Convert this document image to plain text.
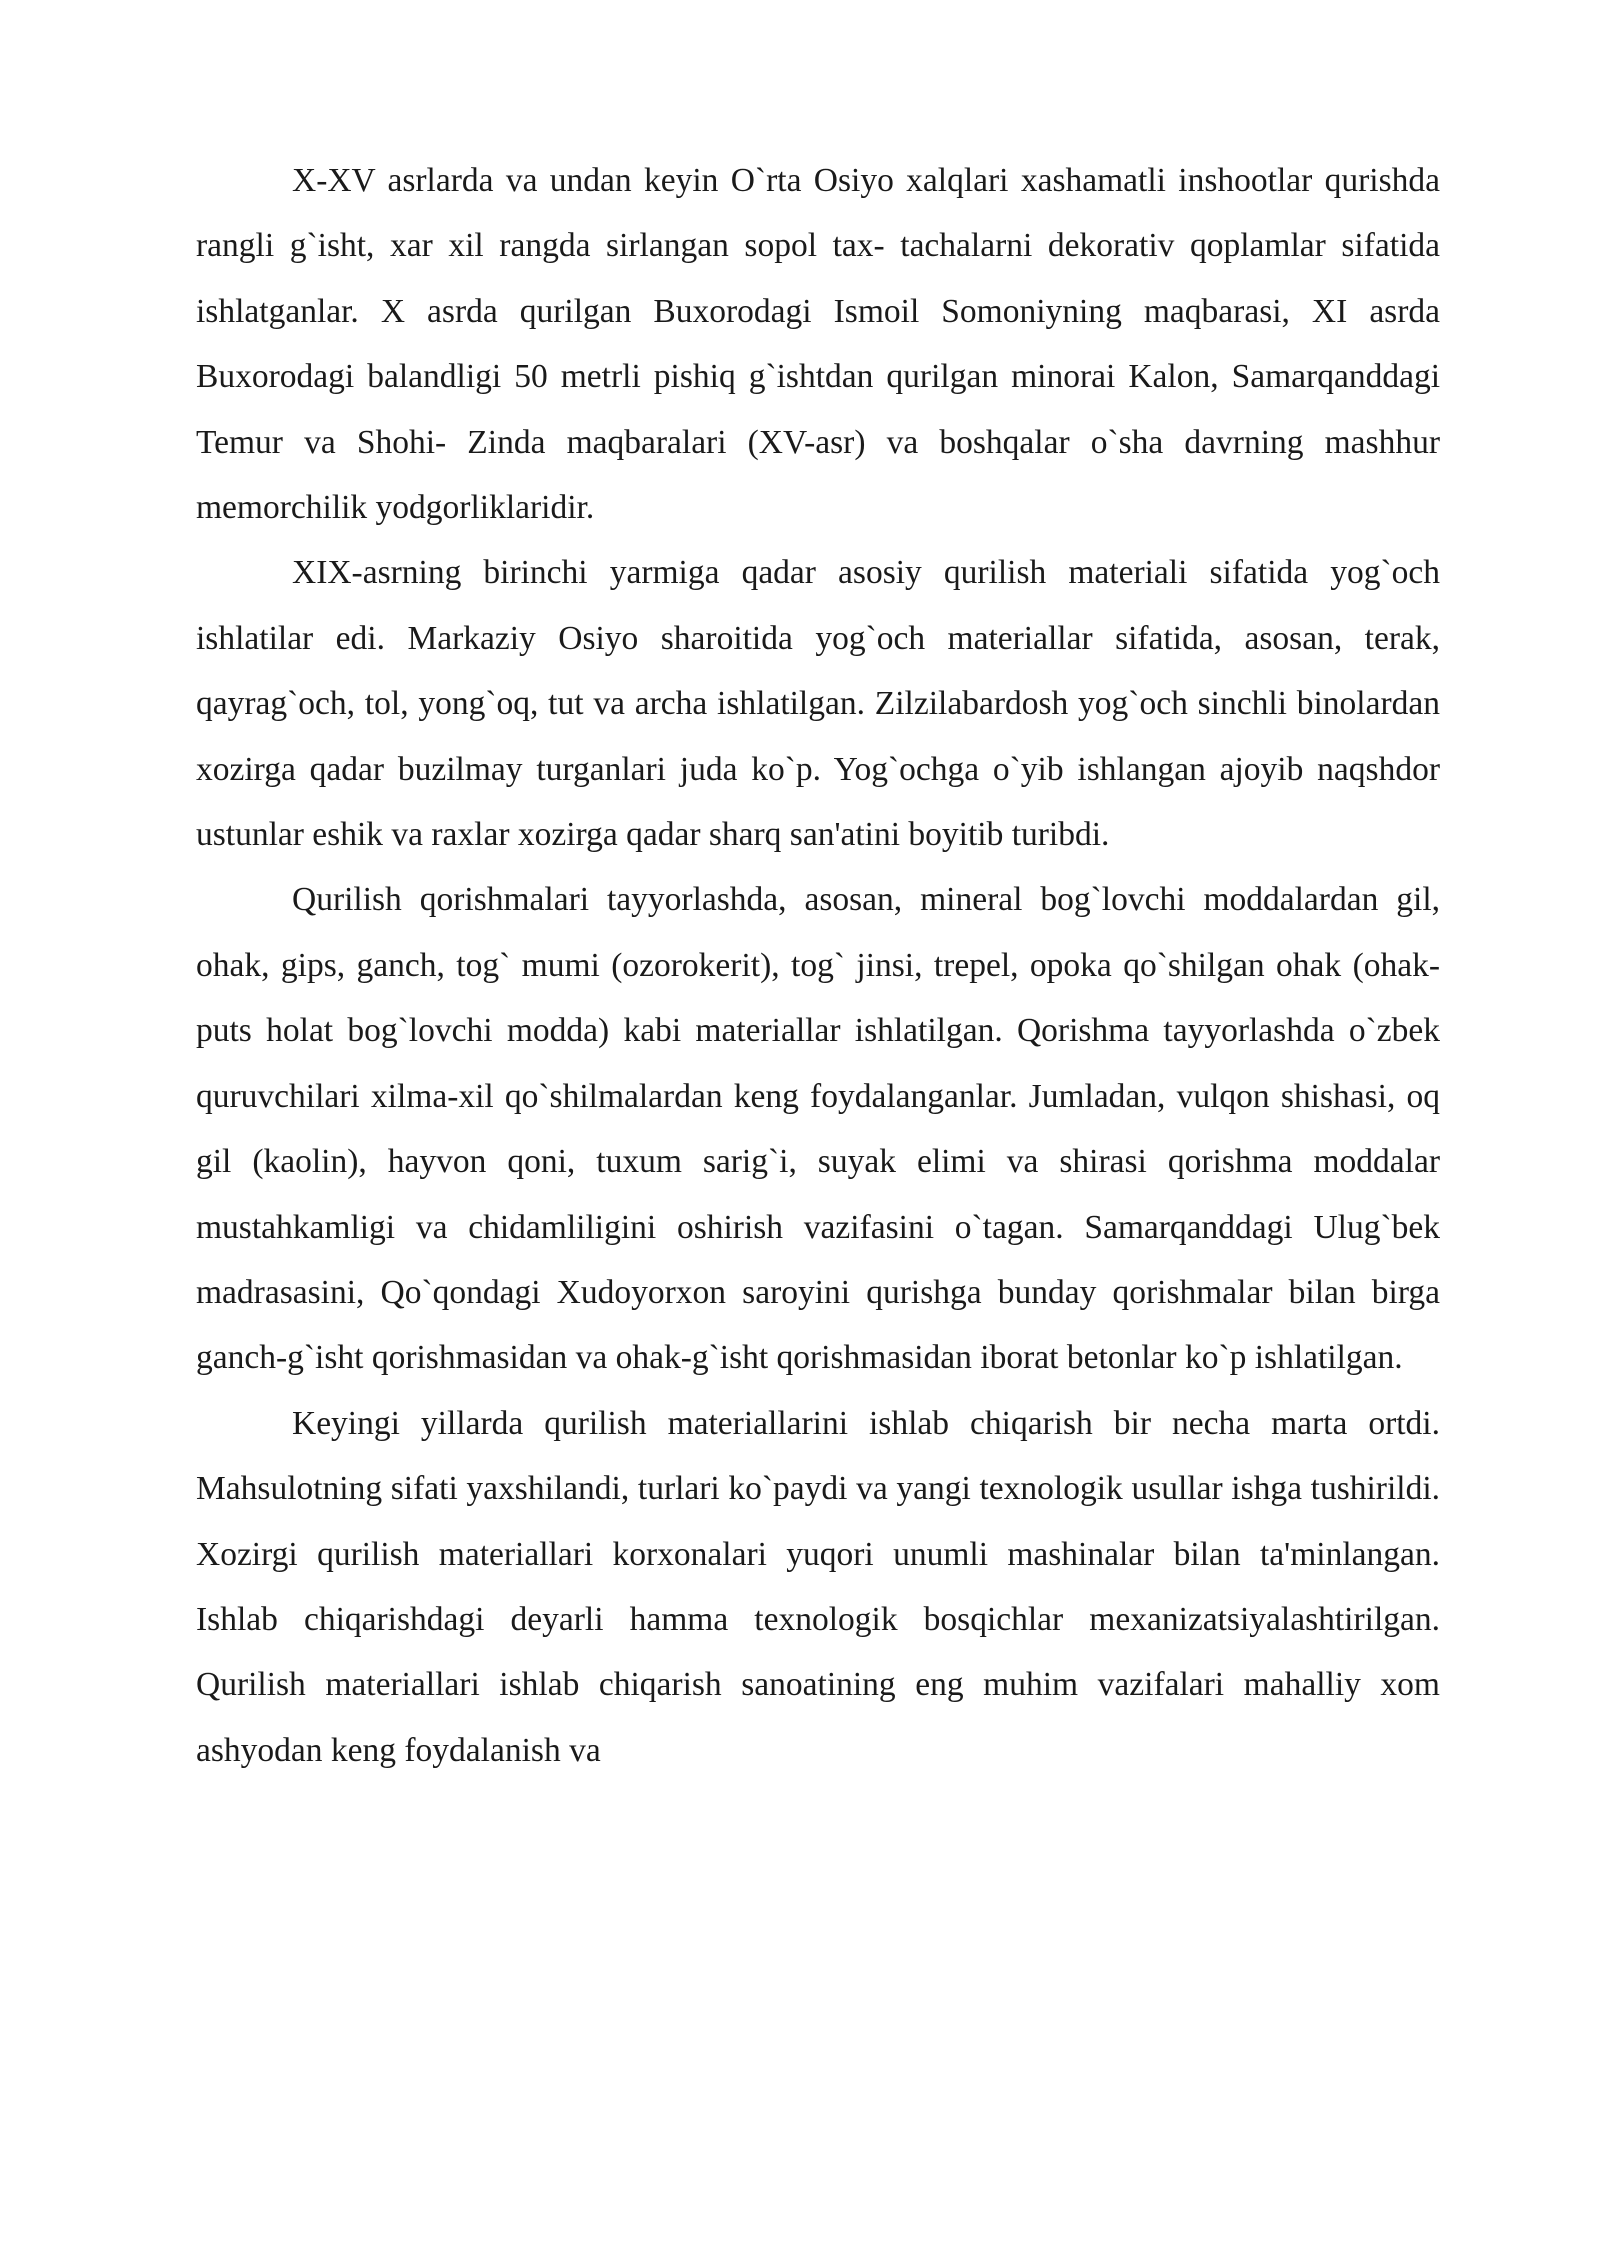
X-XV asrlarda va undan keyin O`rta Osiyo xalqlari xashamatli inshootlar qurishda rangli g`isht, xar xil rangda sirlangan sopol tax- tachalarni dekorativ qoplamlar sifatida ishlatganlar. X asrda qurilgan Buxorodagi Ismoil Somoniyning maqbarasi, XI asrda Buxorodagi balandligi 50 metrli pishiq g`ishtdan qurilgan minorai Kalon, Samarqanddagi Temur va Shohi- Zinda maqbaralari (XV-asr) va boshqalar o`sha davrning mashhur memorchilik yodgorliklaridir.

XIX-asrning birinchi yarmiga qadar asosiy qurilish materiali sifatida yog`och ishlatilar edi. Markaziy Osiyo sharoitida yog`och materiallar sifatida, asosan, terak, qayrag`och, tol, yong`oq, tut va archa ishlatilgan. Zilzilabardosh yog`och sinchli binolardan xozirga qadar buzilmay turganlari juda ko`p. Yog`ochga o`yib ishlangan ajoyib naqshdor ustunlar eshik va raxlar xozirga qadar sharq san'atini boyitib turibdi.

Qurilish qorishmalari tayyorlashda, asosan, mineral bog`lovchi moddalardan gil, ohak, gips, ganch, tog` mumi (ozorokerit), tog` jinsi, trepel, opoka qo`shilgan ohak (ohak-puts holat bog`lovchi modda) kabi materiallar ishlatilgan. Qorishma tayyorlashda o`zbek quruvchilari xilma-xil qo`shilmalardan keng foydalanganlar. Jumladan, vulqon shishasi, oq gil (kaolin), hayvon qoni, tuxum sarig`i, suyak elimi va shirasi qorishma moddalar mustahkamligi va chidamliligini oshirish vazifasini o`tagan. Samarqanddagi Ulug`bek madrasasini, Qo`qondagi Xudoyorxon saroyini qurishga bunday qorishmalar bilan birga ganch-g`isht qorishmasidan va ohak-g`isht qorishmasidan iborat betonlar ko`p ishlatilgan.

Keyingi yillarda qurilish materiallarini ishlab chiqarish bir necha marta ortdi. Mahsulotning sifati yaxshilandi, turlari ko`paydi va yangi texnologik usullar ishga tushirildi. Xozirgi qurilish materiallari korxonalari yuqori unumli mashinalar bilan ta'minlangan. Ishlab chiqarishdagi deyarli hamma texnologik bosqichlar mexanizatsiyalashtirilgan. Qurilish materiallari ishlab chiqarish sanoatining eng muhim vazifalari mahalliy xom ashyodan keng foydalanish va
